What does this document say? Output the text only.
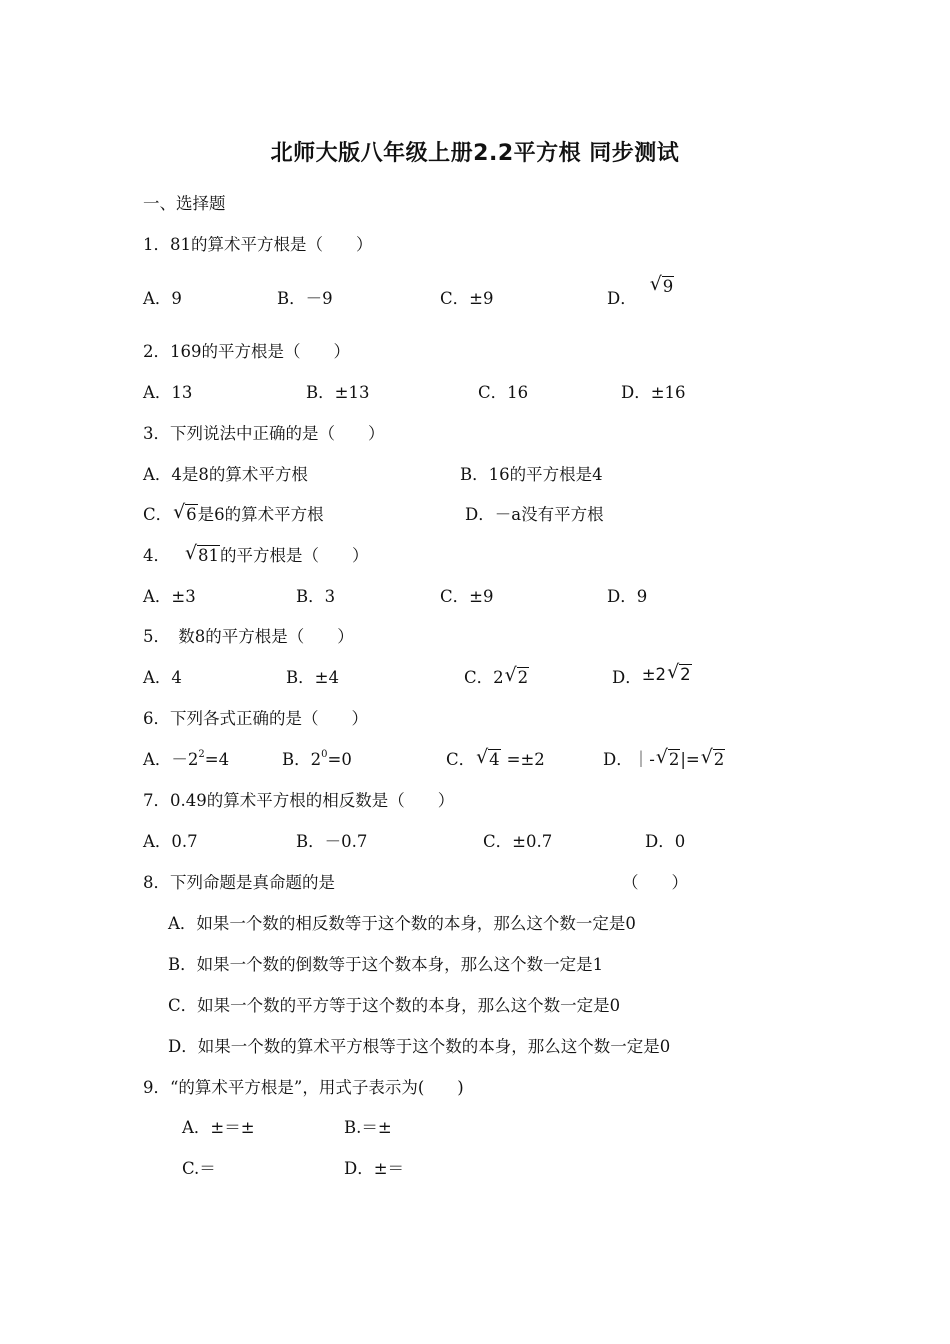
北师大版八年级上册2.2平方根 同步测试
一、选择题
1．81的算术平方根是（　　）
A．9	B．－9	C．±9	D．√ 9
2．169的平方根是（　　）
A．13	B．±13	C．16	D．±16
3．下列说法中正确的是（　　）
A．4是8的算术平方根	B．16的平方根是4
C． √ 6是6的算术平方根	D．－a没有平方根
4． √ 81的平方根是（　　）
A．±3	B．3	C．±9	D．9
5．　数8的平方根是（　　）
A．4	B．±4	C．2 √ 2	D．±2 √ 2
6．下列各式正确的是（　　）
A．$-2^2=4$	B．$2^0=0$	C． √ 4 =±2	D．｜- √ 2|= √ 2
7．0.49的算术平方根的相反数是（　　）
A．0.7	B．－0.7	C．±0.7	D．0
8．下列命题是真命题的是	（　　）
A．如果一个数的相反数等于这个数的本身，那么这个数一定是0
B．如果一个数的倒数等于这个数本身，那么这个数一定是1
C．如果一个数的平方等于这个数的本身，那么这个数一定是0
D．如果一个数的算术平方根等于这个数的本身，那么这个数一定是0
9．“的算术平方根是”，用式子表示为(　　)
A．±＝±	B.＝±
C.＝	D．±＝
